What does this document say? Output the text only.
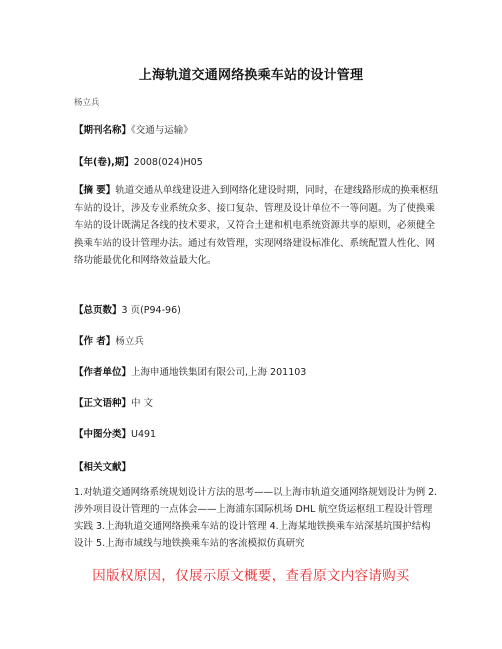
上海轨道交通网络换乘车站的设计管理
杨立兵
【期刊名称】《交通与运输》
【年(卷),期】2008(024)H05
【摘 要】轨道交通从单线建设进入到网络化建设时期，同时，在建线路形成的换乘枢纽车站的设计，涉及专业系统众多、接口复杂、管理及设计单位不一等问题。为了使换乘车站的设计既满足各线的技术要求，又符合土建和机电系统资源共享的原则，必须健全换乘车站的设计管理办法。通过有效管理，实现网络建设标准化、系统配置人性化、网络功能最优化和网络效益最大化。
【总页数】3 页(P94-96)
【作 者】杨立兵
【作者单位】上海申通地铁集团有限公司,上海 201103
【正文语种】中 文
【中图分类】U491
【相关文献】
1.对轨道交通网络系统规划设计方法的思考——以上海市轨道交通网络规划设计为例 2.涉外项目设计管理的一点体会——上海浦东国际机场 DHL 航空货运枢纽工程设计管理实践 3.上海轨道交通网络换乘车站的设计管理 4.上海某地铁换乘车站深基坑围护结构设计 5.上海市域线与地铁换乘车站的客流模拟仿真研究
因版权原因，仅展示原文概要，查看原文内容请购买
